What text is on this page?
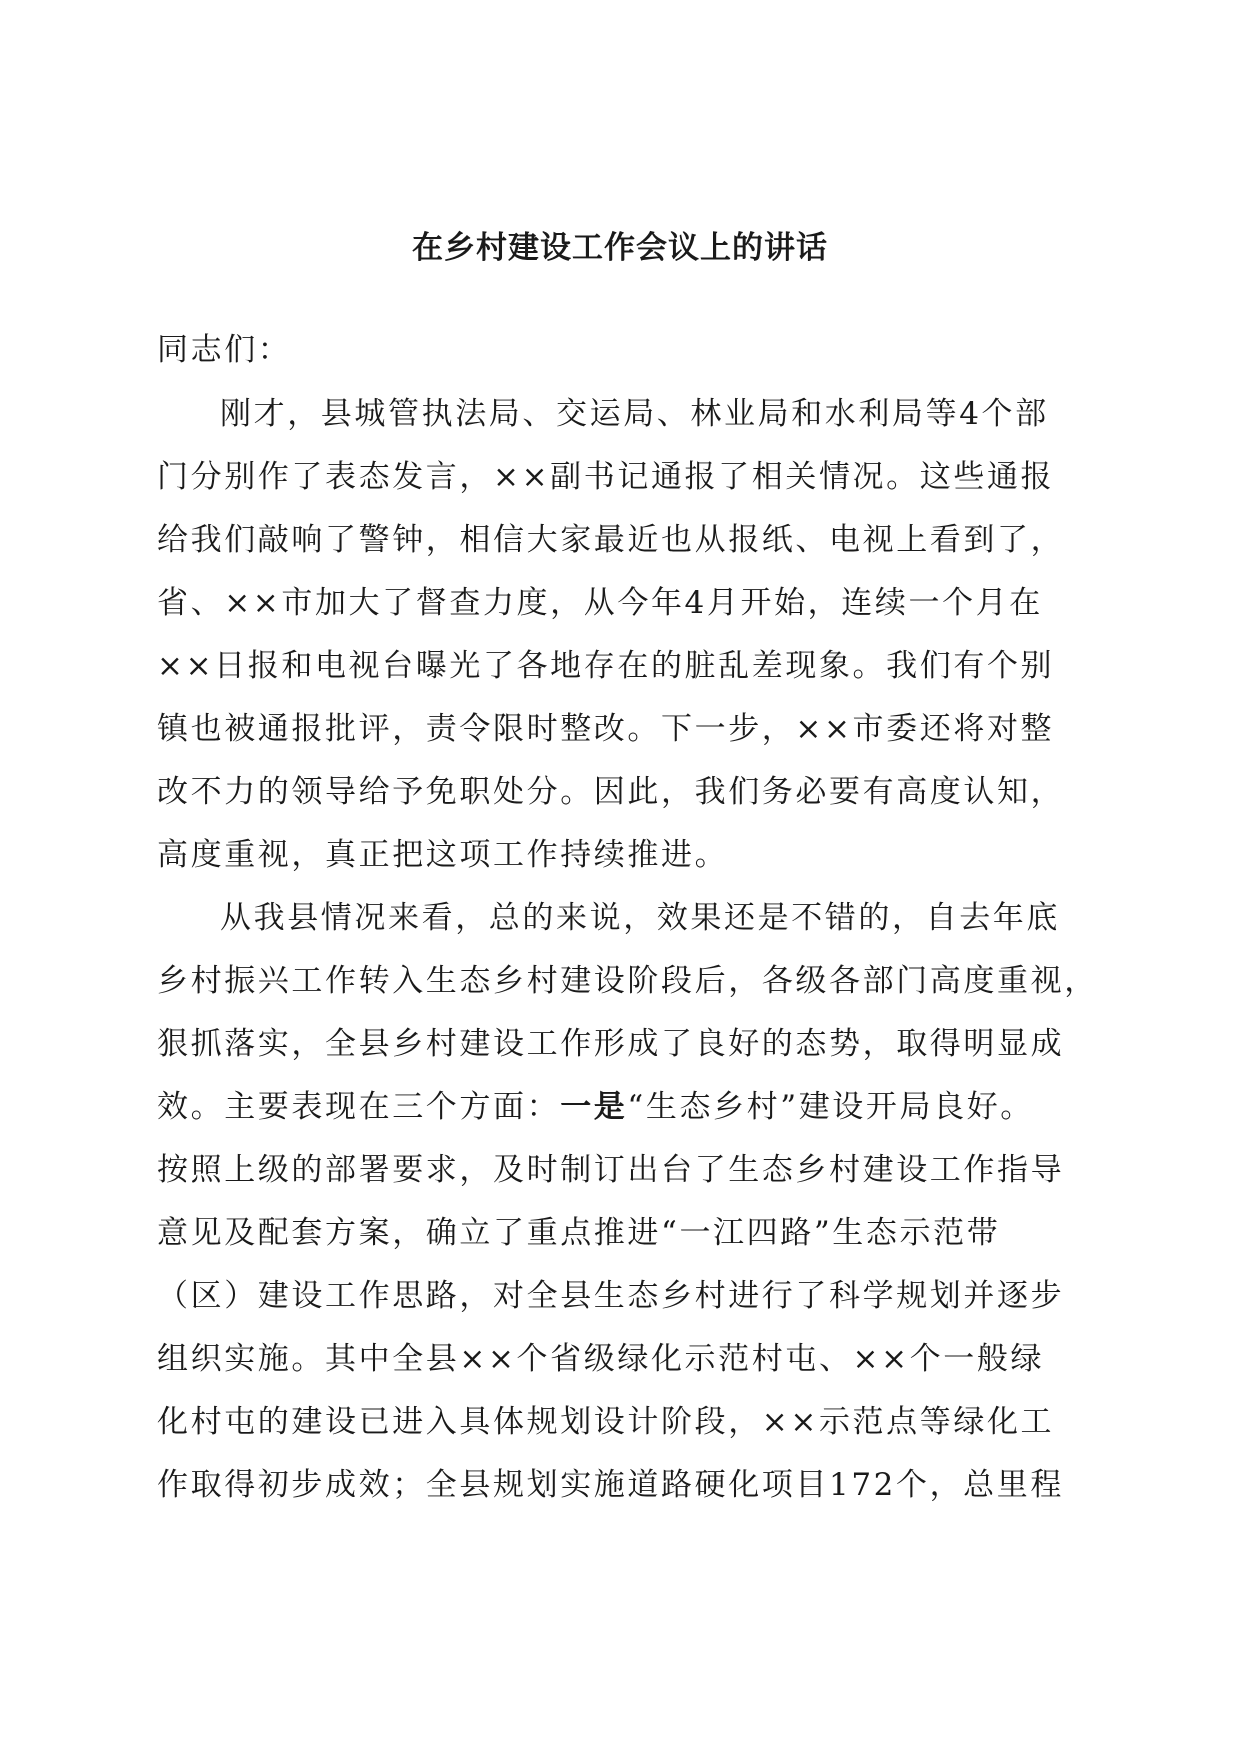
在乡村建设工作会议上的讲话
同志们：
刚才，县城管执法局、交运局、林业局和水利局等4个部
门分别作了表态发言，××副书记通报了相关情况。这些通报
给我们敲响了警钟，相信大家最近也从报纸、电视上看到了，
省、××市加大了督查力度，从今年4月开始，连续一个月在
××日报和电视台曝光了各地存在的脏乱差现象。我们有个别
镇也被通报批评，责令限时整改。下一步，××市委还将对整
改不力的领导给予免职处分。因此，我们务必要有高度认知，
高度重视，真正把这项工作持续推进。
从我县情况来看，总的来说，效果还是不错的，自去年底
乡村振兴工作转入生态乡村建设阶段后，各级各部门高度重视，
狠抓落实，全县乡村建设工作形成了良好的态势，取得明显成
效。主要表现在三个方面：一是“生态乡村”建设开局良好。
按照上级的部署要求，及时制订出台了生态乡村建设工作指导
意见及配套方案，确立了重点推进“一江四路”生态示范带
（区）建设工作思路，对全县生态乡村进行了科学规划并逐步
组织实施。其中全县××个省级绿化示范村屯、××个一般绿
化村屯的建设已进入具体规划设计阶段，××示范点等绿化工
作取得初步成效；全县规划实施道路硬化项目172个，总里程
